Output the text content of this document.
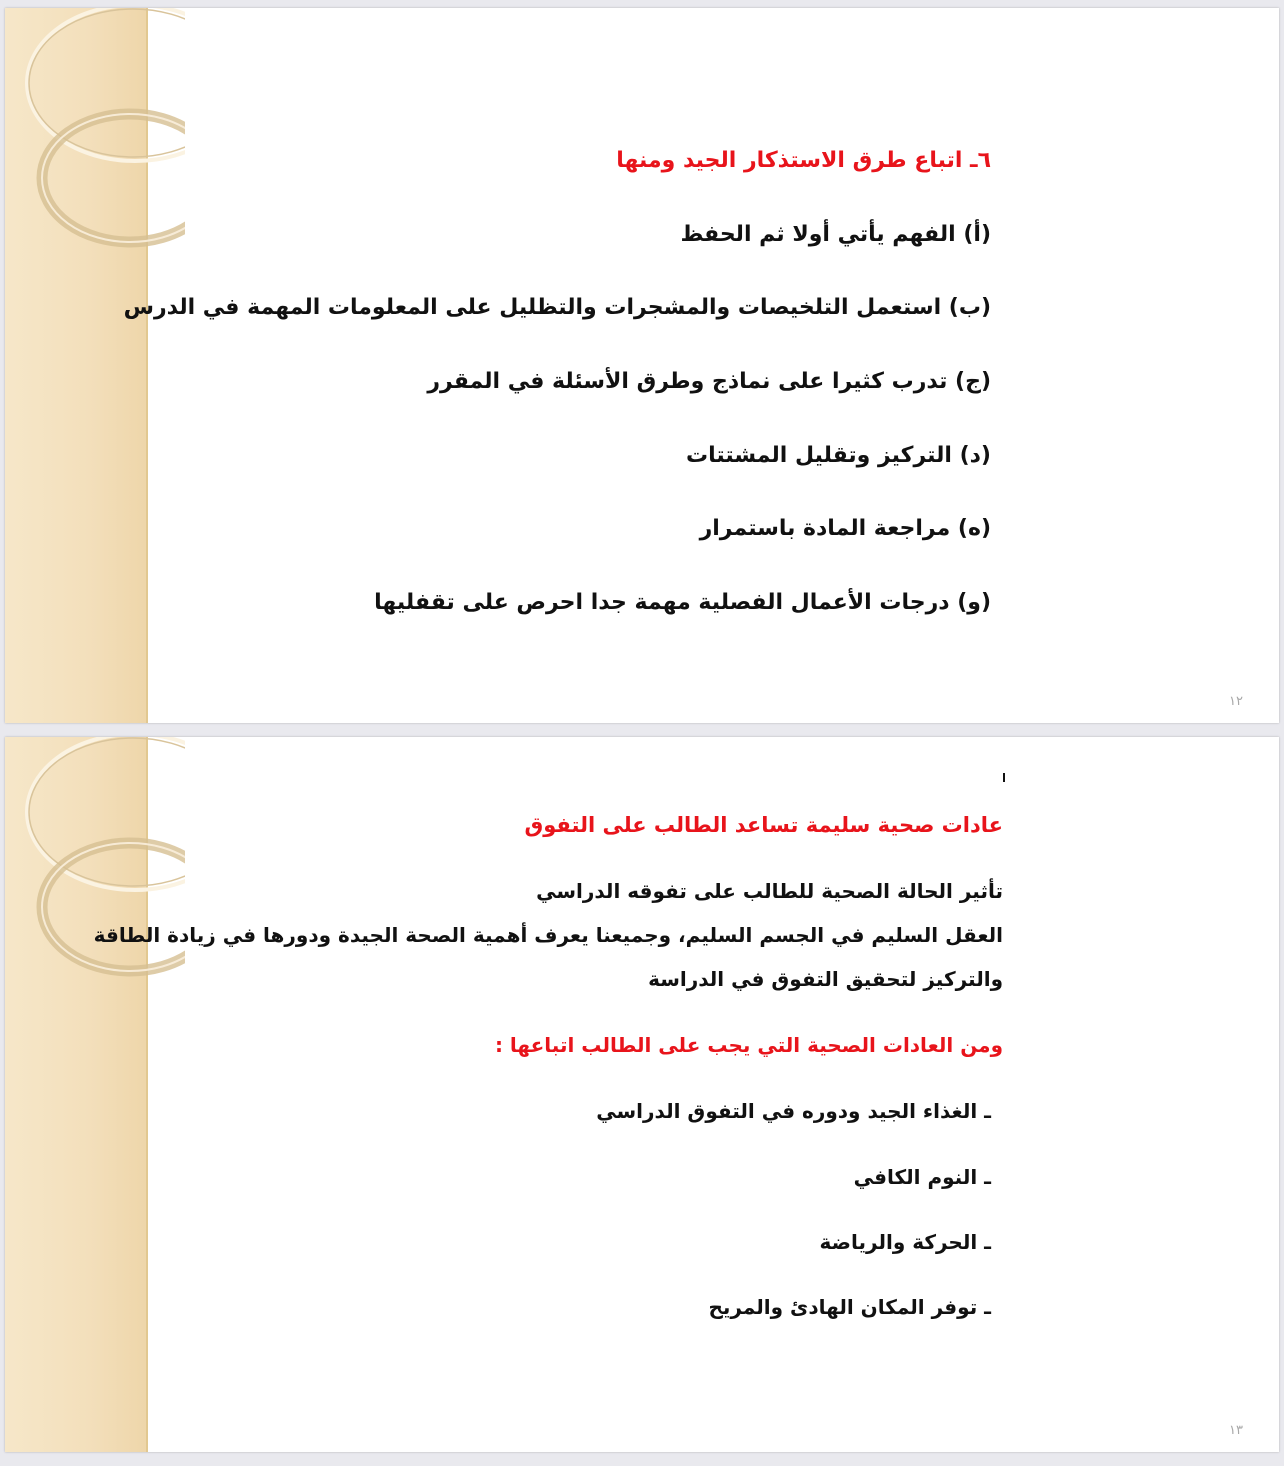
٦ـ اتباع طرق الاستذكار الجيد ومنها
(أ) الفهم يأتي أولا ثم الحفظ
(ب) استعمل التلخيصات والمشجرات والتظليل على المعلومات المهمة في الدرس
(ج) تدرب كثيرا على نماذج وطرق الأسئلة في المقرر
(د) التركيز وتقليل المشتتات
(ه) مراجعة المادة باستمرار
(و) درجات الأعمال الفصلية مهمة جدا احرص على تقفليها
١٢
عادات صحية سليمة تساعد الطالب على التفوق
تأثير الحالة الصحية للطالب على تفوقه الدراسي
العقل السليم في الجسم السليم، وجميعنا يعرف أهمية الصحة الجيدة ودورها في زيادة الطاقة
والتركيز لتحقيق التفوق في الدراسة
ومن العادات الصحية التي يجب على الطالب اتباعها :
ـ الغذاء الجيد ودوره في التفوق الدراسي
ـ النوم الكافي
ـ الحركة والرياضة
ـ توفر المكان الهادئ والمريح
١٣
